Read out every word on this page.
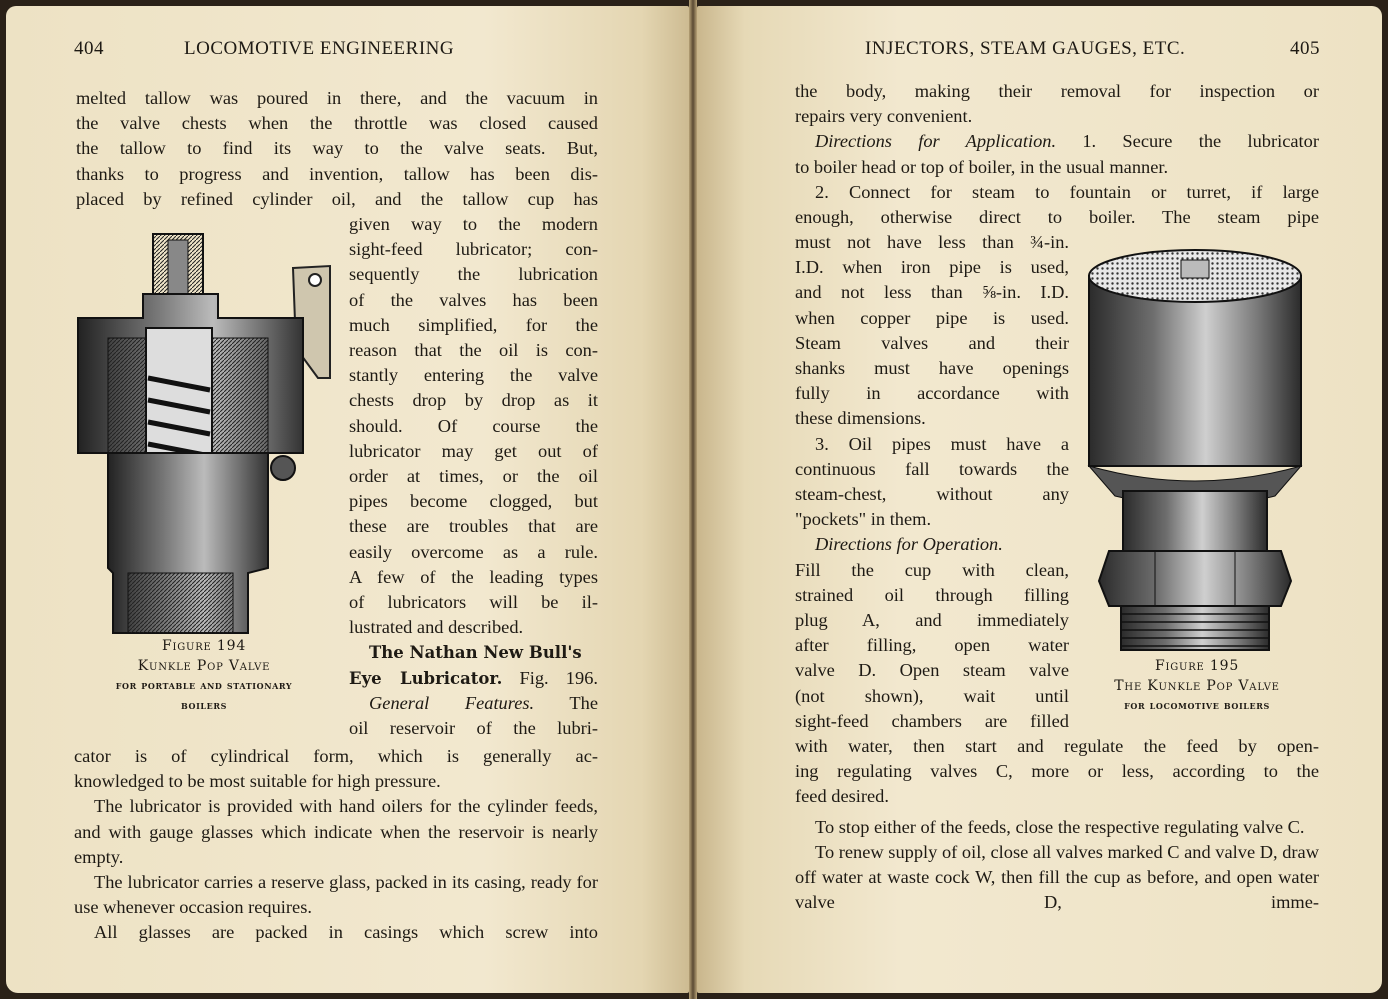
404	LOCOMOTIVE ENGINEERING

melted tallow was poured in there, and the vacuum in

the valve chests when the throttle was closed caused

the tallow to find its way to the valve seats. But,

thanks to progress and invention, tallow has been dis-

placed by refined cylinder oil, and the tallow cup has

Figure 194
Kunkle Pop Valve
for portable and stationary
boilers

given way to the modern

sight-feed lubricator; con-

sequently the lubrication

of the valves has been

much simplified, for the

reason that the oil is con-

stantly entering the valve

chests drop by drop as it

should. Of course the

lubricator may get out of

order at times, or the oil

pipes become clogged, but

these are troubles that are

easily overcome as a rule.

A few of the leading types

of lubricators will be il-

lustrated and described.

The Nathan New Bull's

Eye Lubricator. Fig. 196.

General Features. The

oil reservoir of the lubri-

cator is of cylindrical form, which is generally ac-

knowledged to be most suitable for high pressure.

The lubricator is provided with hand oilers for the cylinder feeds, and with gauge glasses which indicate when the reservoir is nearly empty.

The lubricator carries a reserve glass, packed in its casing, ready for use whenever occasion requires.

All glasses are packed in casings which screw into

INJECTORS, STEAM GAUGES, ETC.	405

the body, making their removal for inspection or

repairs very convenient.

Directions for Application. 1. Secure the lubricator

to boiler head or top of boiler, in the usual manner.

2. Connect for steam to fountain or turret, if large

enough, otherwise direct to boiler. The steam pipe

Figure 195
The Kunkle Pop Valve
for locomotive boilers

must not have less than ¾-in.

I.D. when iron pipe is used,

and not less than ⅝-in. I.D.

when copper pipe is used.

Steam valves and their

shanks must have openings

fully in accordance with

these dimensions.

3. Oil pipes must have a

continuous fall towards the

steam-chest, without any

"pockets" in them.

Directions for Operation.

Fill the cup with clean,

strained oil through filling

plug A, and immediately

after filling, open water

valve D. Open steam valve

(not shown), wait until

sight-feed chambers are filled

with water, then start and regulate the feed by open-

ing regulating valves C, more or less, according to the

feed desired.

To stop either of the feeds, close the respective regulating valve C.

To renew supply of oil, close all valves marked C and valve D, draw off water at waste cock W, then fill the cup as before, and open water valve D, imme-
